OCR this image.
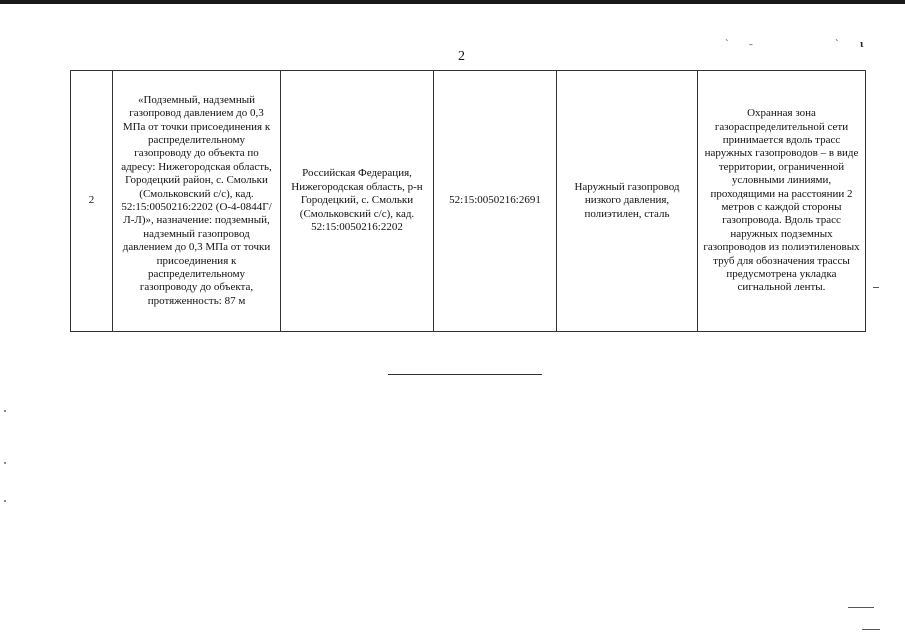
2
ˋ ˗	ˋ ɩ
2	«Подземный, надземный газопровод давлением до 0,3 МПа от точки присоединения к распределительному газопроводу до объекта по адресу: Нижегородская область, Городецкий район, с. Смольки (Смольковский с/с), кад. 52:15:0050216:2202 (О-4-0844Г/Л-Л)», назначение: подземный, надземный газопровод давлением до 0,3 МПа от точки присоединения к распределительному газопроводу до объекта, протяженность: 87 м	Российская Федерация, Нижегородская область, р-н Городецкий, с. Смольки (Смольковский с/с), кад. 52:15:0050216:2202	52:15:0050216:2691	Наружный газопровод низкого давления, полиэтилен, сталь	Охранная зона газораспределительной сети принимается вдоль трасс наружных газопроводов – в виде территории, ограниченной условными линиями, проходящими на расстоянии 2 метров с каждой стороны газопровода. Вдоль трасс наружных подземных газопроводов из полиэтиленовых труб для обозначения трассы предусмотрена укладка сигнальной ленты.
